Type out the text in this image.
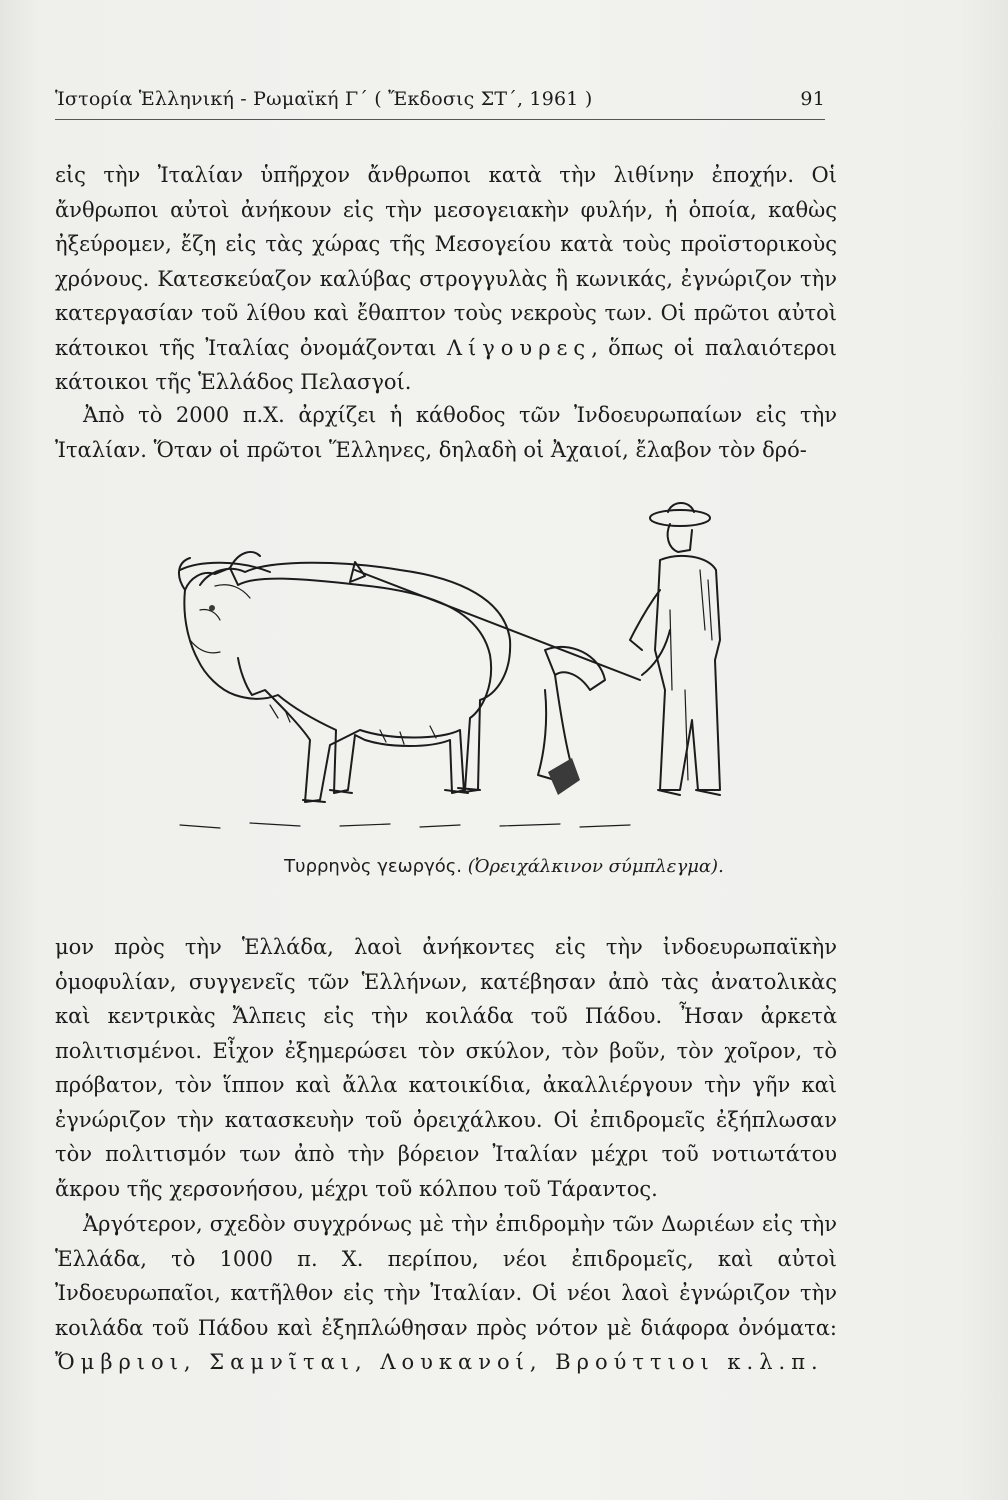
Ἱστορία Ἑλληνική - Ρωμαϊκή Γ΄ ( Ἔκδοσις ΣΤ΄, 1961 )	91

εἰς τὴν Ἰταλίαν ὑπῆρχον ἄνθρωποι κατὰ τὴν λιθίνην ἐποχήν. Οἱ ἄνθρωποι αὐτοὶ ἀνήκουν εἰς τὴν μεσογειακὴν φυλήν, ἡ ὁποία, καθὼς ἠξεύρομεν, ἔζη εἰς τὰς χώρας τῆς Μεσογείου κατὰ τοὺς προϊστορικοὺς χρόνους. Κατεσκεύαζον καλύβας στρογγυλὰς ἢ κωνικάς, ἐγνώριζον τὴν κατεργασίαν τοῦ λίθου καὶ ἔθαπτον τοὺς νεκροὺς των. Οἱ πρῶτοι αὐτοὶ κάτοικοι τῆς Ἰταλίας ὀνομάζονται Λίγουρες, ὅπως οἱ παλαιότεροι κάτοικοι τῆς Ἑλλάδος Πελασγοί.

Ἀπὸ τὸ 2000 π.Χ. ἀρχίζει ἡ κάθοδος τῶν Ἰνδοευρωπαίων εἰς τὴν Ἰταλίαν. Ὅταν οἱ πρῶτοι Ἕλληνες, δηλαδὴ οἱ Ἀχαιοί, ἔλαβον τὸν δρό-

Τυρρηνὸς γεωργός. (Ὀρειχάλκινον σύμπλεγμα).

μον πρὸς τὴν Ἑλλάδα, λαοὶ ἀνήκοντες εἰς τὴν ἰνδοευρωπαϊκὴν ὁμοφυλίαν, συγγενεῖς τῶν Ἑλλήνων, κατέβησαν ἀπὸ τὰς ἀνατολικὰς καὶ κεντρικὰς Ἄλπεις εἰς τὴν κοιλάδα τοῦ Πάδου. Ἦσαν ἀρκετὰ πολιτισμένοι. Εἶχον ἐξημερώσει τὸν σκύλον, τὸν βοῦν, τὸν χοῖρον, τὸ πρόβατον, τὸν ἵππον καὶ ἄλλα κατοικίδια, ἀκαλλιέργουν τὴν γῆν καὶ ἐγνώριζον τὴν κατασκευὴν τοῦ ὀρειχάλκου. Οἱ ἐπιδρομεῖς ἐξήπλωσαν τὸν πολιτισμόν των ἀπὸ τὴν βόρειον Ἰταλίαν μέχρι τοῦ νοτιωτάτου ἄκρου τῆς χερσονήσου, μέχρι τοῦ κόλπου τοῦ Τάραντος.

Ἀργότερον, σχεδὸν συγχρόνως μὲ τὴν ἐπιδρομὴν τῶν Δωριέων εἰς τὴν Ἑλλάδα, τὸ 1000 π. Χ. περίπου, νέοι ἐπιδρομεῖς, καὶ αὐτοὶ Ἰνδοευρωπαῖοι, κατῆλθον εἰς τὴν Ἰταλίαν. Οἱ νέοι λαοὶ ἐγνώριζον τὴν κοιλάδα τοῦ Πάδου καὶ ἐξηπλώθησαν πρὸς νότον μὲ διάφορα ὀνόματα: Ὄμβριοι, Σαμνῖται, Λουκανοί, Βρούττιοι κ.λ.π.
